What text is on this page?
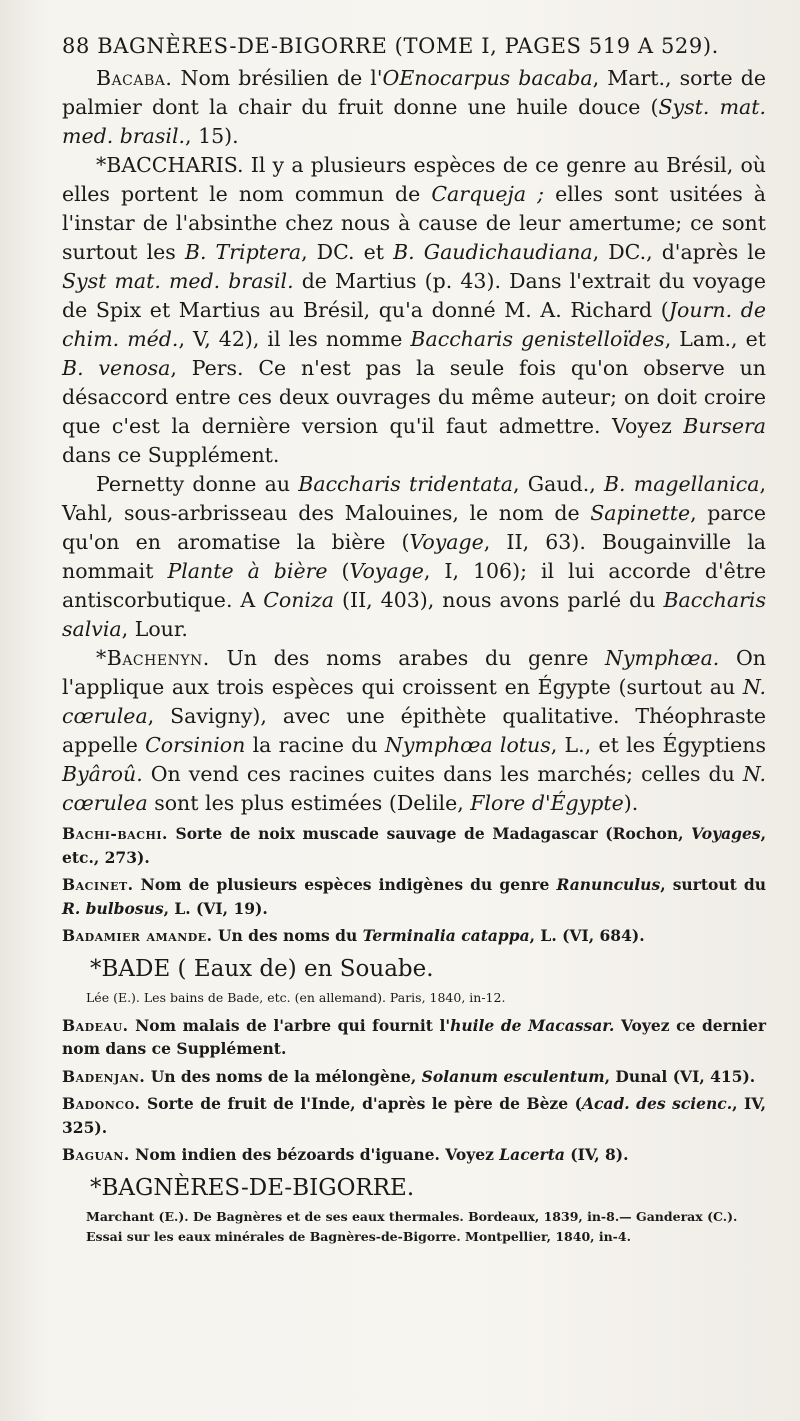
88 BAGNÈRES-DE-BIGORRE (TOME I, PAGES 519 A 529).

Bacaba. Nom brésilien de l'OEnocarpus bacaba, Mart., sorte de palmier dont la chair du fruit donne une huile douce (Syst. mat. med. brasil., 15).

*BACCHARIS. Il y a plusieurs espèces de ce genre au Brésil, où elles portent le nom commun de Carqueja ; elles sont usitées à l'instar de l'absinthe chez nous à cause de leur amertume; ce sont surtout les B. Triptera, DC. et B. Gaudichaudiana, DC., d'après le Syst mat. med. brasil. de Martius (p. 43). Dans l'extrait du voyage de Spix et Martius au Brésil, qu'a donné M. A. Richard (Journ. de chim. méd., V, 42), il les nomme Baccharis genistelloïdes, Lam., et B. venosa, Pers. Ce n'est pas la seule fois qu'on observe un désaccord entre ces deux ouvrages du même auteur; on doit croire que c'est la dernière version qu'il faut admettre. Voyez Bursera dans ce Supplément.

Pernetty donne au Baccharis tridentata, Gaud., B. magellanica, Vahl, sous-arbrisseau des Malouines, le nom de Sapinette, parce qu'on en aromatise la bière (Voyage, II, 63). Bougainville la nommait Plante à bière (Voyage, I, 106); il lui accorde d'être antiscorbutique. A Coniza (II, 403), nous avons parlé du Baccharis salvia, Lour.

*Bachenyn. Un des noms arabes du genre Nymphœa. On l'applique aux trois espèces qui croissent en Égypte (surtout au N. cœrulea, Savigny), avec une épithète qualitative. Théophraste appelle Corsinion la racine du Nymphœa lotus, L., et les Égyptiens Byâroû. On vend ces racines cuites dans les marchés; celles du N. cœrulea sont les plus estimées (Delile, Flore d'Égypte).

Bachi-bachi. Sorte de noix muscade sauvage de Madagascar (Rochon, Voyages, etc., 273).

Bacinet. Nom de plusieurs espèces indigènes du genre Ranunculus, surtout du R. bulbosus, L. (VI, 19).

Badamier amande. Un des noms du Terminalia catappa, L. (VI, 684).

*BADE ( Eaux de) en Souabe.

Lée (E.). Les bains de Bade, etc. (en allemand). Paris, 1840, in-12.

Badeau. Nom malais de l'arbre qui fournit l'huile de Macassar. Voyez ce dernier nom dans ce Supplément.

Badenjan. Un des noms de la mélongène, Solanum esculentum, Dunal (VI, 415).

Badonco. Sorte de fruit de l'Inde, d'après le père de Bèze (Acad. des scienc., IV, 325).

Baguan. Nom indien des bézoards d'iguane. Voyez Lacerta (IV, 8).

*BAGNÈRES-DE-BIGORRE.

Marchant (E.). De Bagnères et de ses eaux thermales. Bordeaux, 1839, in-8.— Ganderax (C.). Essai sur les eaux minérales de Bagnères-de-Bigorre. Montpellier, 1840, in-4.
